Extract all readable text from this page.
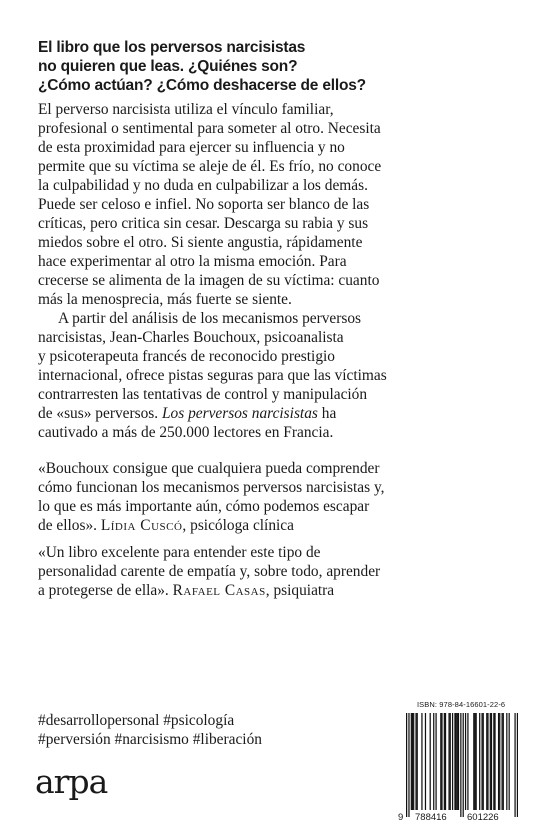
El libro que los perversos narcisistas
no quieren que leas. ¿Quiénes son?
¿Cómo actúan? ¿Cómo deshacerse de ellos?
El perverso narcisista utiliza el vínculo familiar,
profesional o sentimental para someter al otro. Necesita
de esta proximidad para ejercer su influencia y no
permite que su víctima se aleje de él. Es frío, no conoce
la culpabilidad y no duda en culpabilizar a los demás.
Puede ser celoso e infiel. No soporta ser blanco de las
críticas, pero critica sin cesar. Descarga su rabia y sus
miedos sobre el otro. Si siente angustia, rápidamente
hace experimentar al otro la misma emoción. Para
crecerse se alimenta de la imagen de su víctima: cuanto
más la menosprecia, más fuerte se siente.
A partir del análisis de los mecanismos perversos
narcisistas, Jean-Charles Bouchoux, psicoanalista
y psicoterapeuta francés de reconocido prestigio
internacional, ofrece pistas seguras para que las víctimas
contrarresten las tentativas de control y manipulación
de «sus» perversos. Los perversos narcisistas ha
cautivado a más de 250.000 lectores en Francia.
«Bouchoux consigue que cualquiera pueda comprender
cómo funcionan los mecanismos perversos narcisistas y,
lo que es más importante aún, cómo podemos escapar
de ellos». Lídia Cuscó, psicóloga clínica
«Un libro excelente para entender este tipo de
personalidad carente de empatía y, sobre todo, aprender
a protegerse de ella». Rafael Casas, psiquiatra
#desarrollopersonal #psicología
#perversión #narcisismo #liberación
arpa
ISBN: 978-84-16601-22-6
9 788416 601226
